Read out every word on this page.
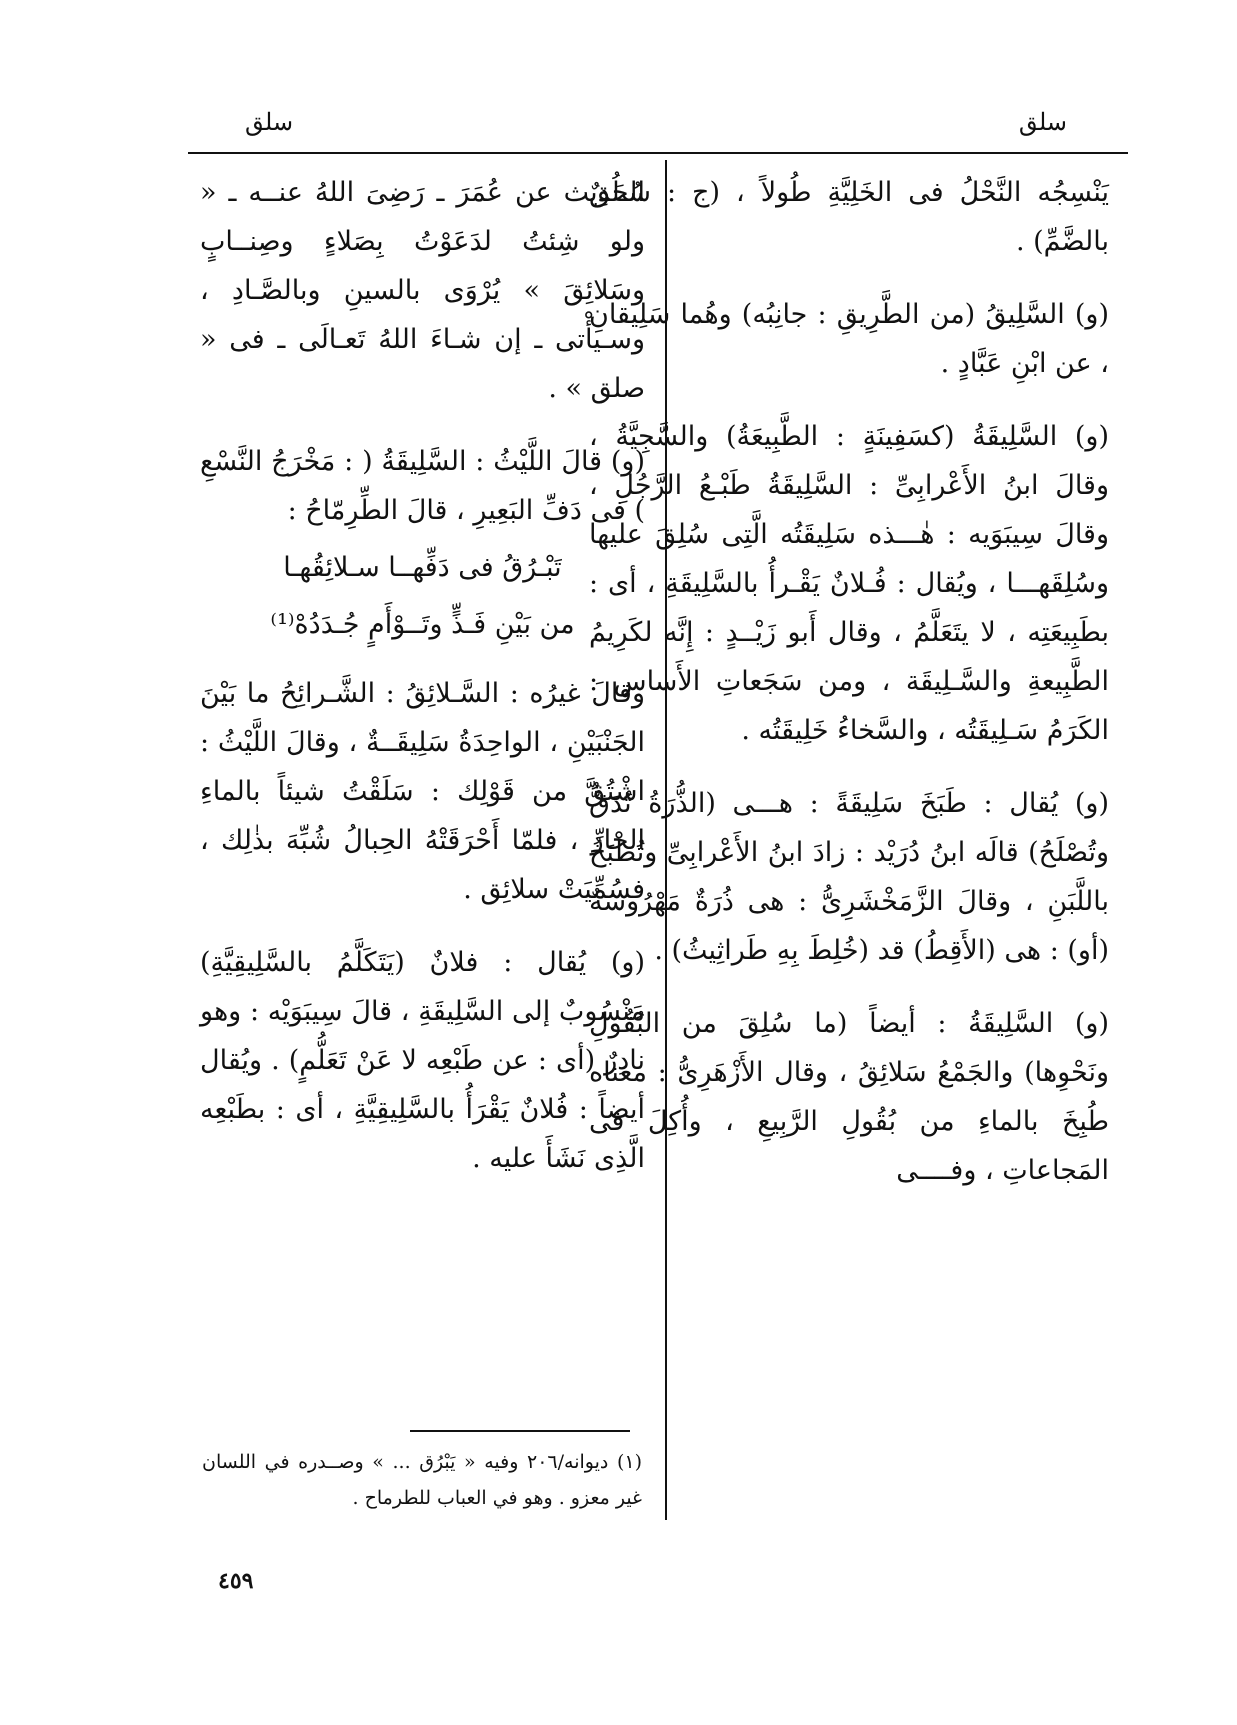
سلق
سلق

يَنْسِجُه النَّحْلُ فى الخَلِيَّةِ طُولاً ، (ج : سُـلُقٌ بالضَّمِّ) .

(و) السَّلِيقُ (من الطَّرِيقِ : جانِبُه) وهُما سَلِيقانِ ، عن ابْنِ عَبَّادٍ .

(و) السَّلِيقَةُ (كسَفِينَةٍ : الطَّبِيعَةُ) والسَّجِيَّةُ ، وقالَ ابنُ الأَعْرابِىِّ : السَّلِيقَةُ طَبْـعُ الرَّجُلِ ، وقالَ سِيبَوَيه : هٰـــذه سَلِيقَتُه الَّتِى سُلِقَ عليها وسُلِقَهـــا ، ويُقال : فُـلانٌ يَقْـرأُ بالسَّلِيقَةِ ، أى : بطَبِيعَتِه ، لا يتَعَلَّمُ ، وقال أَبو زَيْــدٍ : إِنَّه لكَرِيمُ الطَّبِيعةِ والسَّـلِيقَة ، ومن سَجَعاتِ الأَساس : الكَرَمُ سَـلِيقَتُه ، والسَّخاءُ خَلِيقَتُه .

(و) يُقال : طَبَخَ سَلِيقَةً : هـــى (الذُّرَةُ تُدَقُّ وتُصْلَحُ) قالَه ابنُ دُرَيْد : زادَ ابنُ الأَعْرابِىِّ وتُطْبَخُ باللَّبَنِ ، وقالَ الزَّمَخْشَرِىُّ : هى ذُرَةٌ مَهْرُوسَةٌ (أو) : هى (الأَقِطُ) قد (خُلِطَ بِهِ طَراثِيثُ) .

(و) السَّلِيقَةُ : أيضاً (ما سُلِقَ من البُقُولِ ونَحْوِها) والجَمْعُ سَلائِقُ ، وقال الأَزْهَرِىُّ : معناه طُبِخَ بالماءِ من بُقُولِ الرَّبِيعِ ، وأُكِلَ فى المَجاعاتِ ، وفــــى

الحَدِيث عن عُمَرَ ـ رَضِىَ اللهُ عنــه ـ « ولو شِئتُ لدَعَوْتُ بِصَلاءٍ وصِنــابٍ وسَلائِقَ » يُرْوَى بالسينِ وبالصَّـادِ ، وسـيأْتى ـ إن شـاءَ اللهُ تَعـالَى ـ فى « صلق » .

(و) قالَ اللَّيْثُ : السَّلِيقَةُ ( : مَخْرَجُ النَّسْعِ ) فى دَفِّ البَعِيرِ ، قالَ الطِّرِمّاحُ :

تَبْـرُقُ فى دَفِّهــا سـلائِقُهـا

من بَيْنِ فَـذٍّ وتَــوْأَمٍ جُـدَدُهْ⁽¹⁾

وقالَ غيرُه : السَّـلائِقُ : الشَّـرائِحُ ما بَيْنَ الجَنْبَيْنِ ، الواحِدَةُ سَلِيقَــةٌ ، وقالَ اللَّيْثُ : اشْتُقَّ من قَوْلِك : سَلَقْتُ شيئاً بالماءِ الحارِّ ، فلمّا أَحْرَقَتْهُ الحِبالُ شُبِّهَ بذٰلِك ، فسُمِّيَتْ سلائِق .

(و) يُقال : فلانٌ (يَتَكَلَّمُ بالسَّلِيقِيَّةِ) مَنْسُوبٌ إلى السَّلِيقَةِ ، قالَ سِيبَوَيْه : وهو نادِرٌ (أى : عن طَبْعِه لا عَنْ تَعَلُّمٍ) . ويُقال أيضاً : فُلانٌ يَقْرَأُ بالسَّلِيقِيَّةِ ، أى : بطَبْعِه الَّذِى نَشَأَ عليه .

(١) ديوانه/٢٠٦ وفيه « يَبْرُق ... » وصــدره في اللسان غير معزو . وهو في العباب للطرماح .
٤٥٩
